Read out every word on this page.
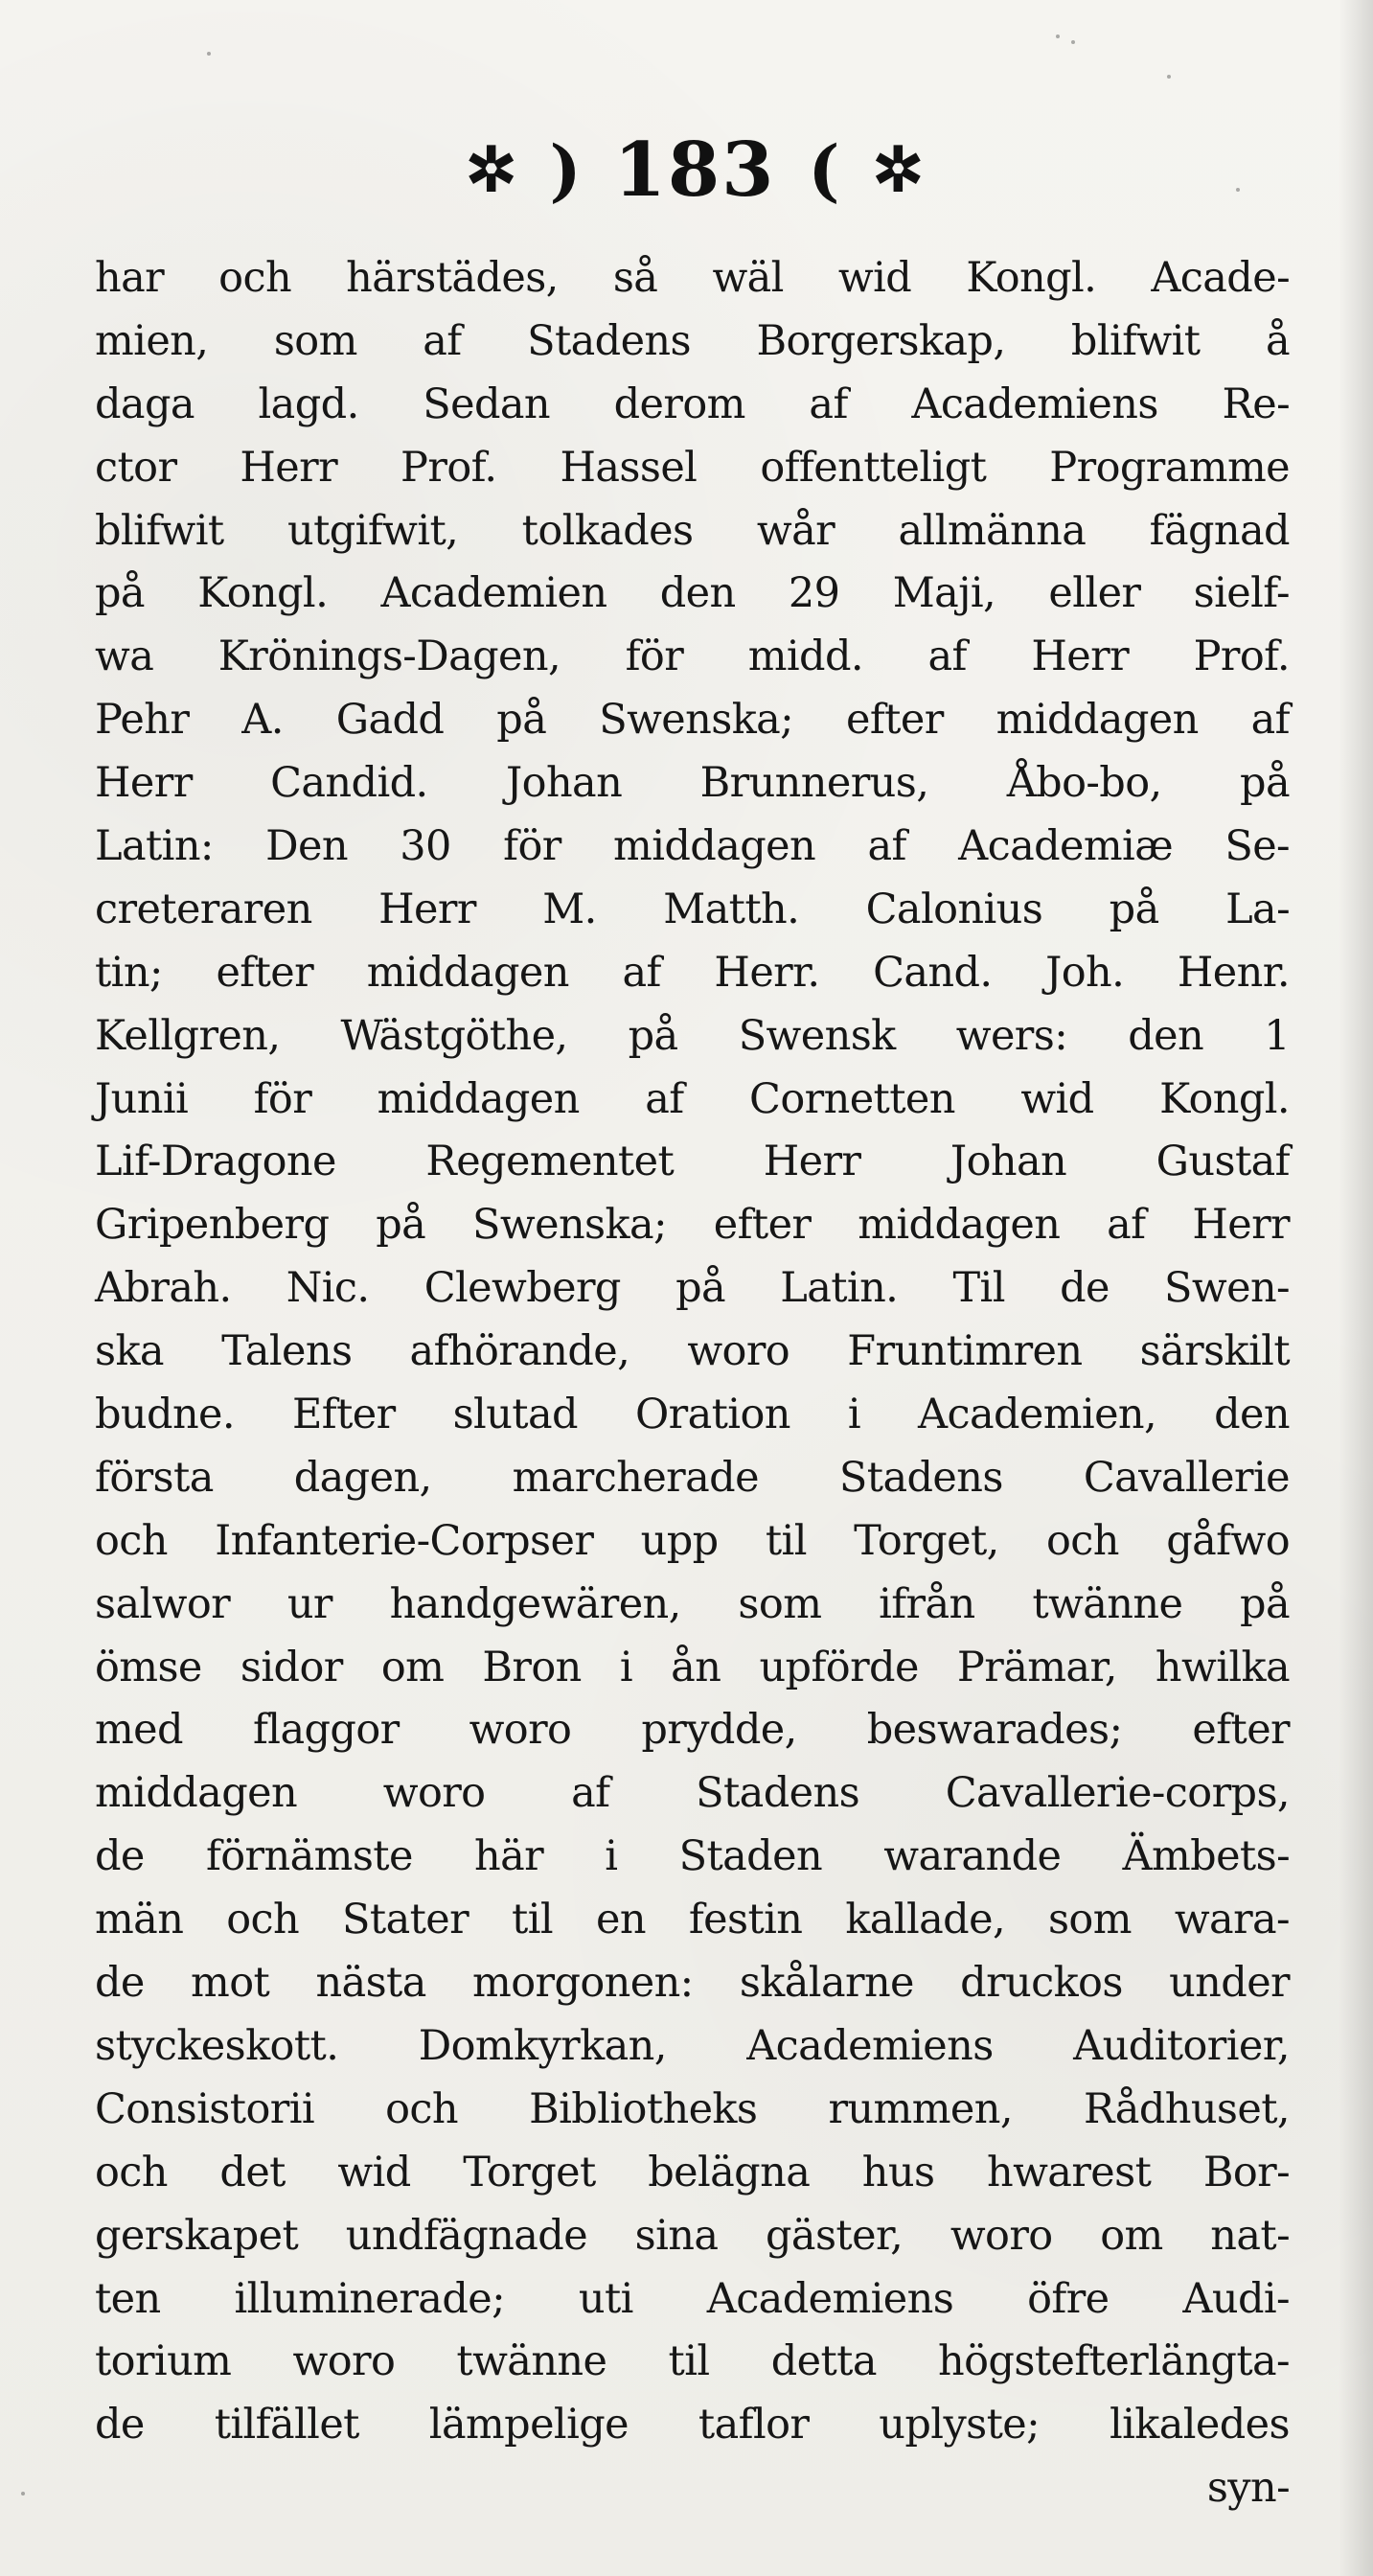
✲ ) 183 ( ✲
har och härstädes, så wäl wid Kongl. Acade-
mien, som af Stadens Borgerskap, blifwit å
daga lagd. Sedan derom af Academiens Re-
ctor Herr Prof. Hassel offentteligt Programme
blifwit utgifwit, tolkades wår allmänna fägnad
på Kongl. Academien den 29 Maji, eller sielf-
wa Krönings-Dagen, för midd. af Herr Prof.
Pehr A. Gadd på Swenska; efter middagen af
Herr Candid. Johan Brunnerus, Åbo-bo, på
Latin: Den 30 för middagen af Academiæ Se-
creteraren Herr M. Matth. Calonius på La-
tin; efter middagen af Herr. Cand. Joh. Henr.
Kellgren, Wästgöthe, på Swensk wers: den 1
Junii för middagen af Cornetten wid Kongl.
Lif-Dragone Regementet Herr Johan Gustaf
Gripenberg på Swenska; efter middagen af Herr
Abrah. Nic. Clewberg på Latin. Til de Swen-
ska Talens afhörande, woro Fruntimren särskilt
budne. Efter slutad Oration i Academien, den
första dagen, marcherade Stadens Cavallerie
och Infanterie-Corpser upp til Torget, och gåfwo
salwor ur handgewären, som ifrån twänne på
ömse sidor om Bron i ån upförde Prämar, hwilka
med flaggor woro prydde, beswarades; efter
middagen woro af Stadens Cavallerie-corps,
de förnämste här i Staden warande Ämbets-
män och Stater til en festin kallade, som wara-
de mot nästa morgonen: skålarne druckos under
styckeskott. Domkyrkan, Academiens Auditorier,
Consistorii och Bibliotheks rummen, Rådhuset,
och det wid Torget belägna hus hwarest Bor-
gerskapet undfägnade sina gäster, woro om nat-
ten illuminerade; uti Academiens öfre Audi-
torium woro twänne til detta högstefterlängta-
de tilfället lämpelige taflor uplyste; likaledes
syn-
